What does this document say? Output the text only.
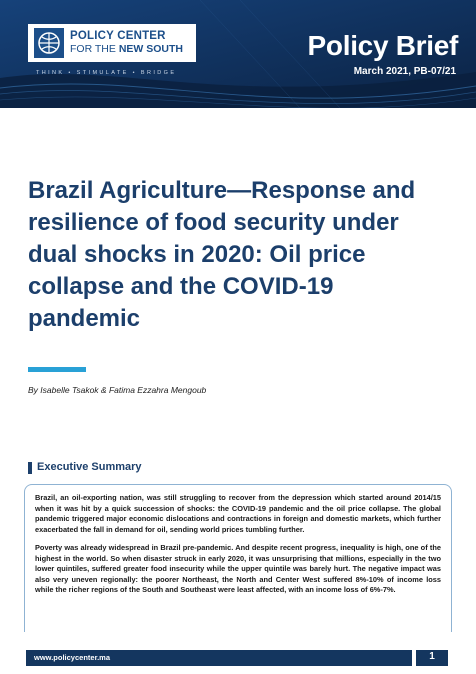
POLICY CENTER
FOR THE NEW SOUTH
THINK • STIMULATE • BRIDGE
Policy Brief
March 2021, PB-07/21
Brazil Agriculture—Response and resilience of food security under dual shocks in 2020: Oil price collapse and the COVID-19 pandemic
By Isabelle Tsakok & Fatima Ezzahra Mengoub
Executive Summary

Brazil, an oil-exporting nation, was still struggling to recover from the depression which started around 2014/15 when it was hit by a quick succession of shocks: the COVID-19 pandemic and the oil price collapse. The global pandemic triggered major economic dislocations and contractions in foreign and domestic markets, which further exacerbated the fall in demand for oil, sending world prices tumbling further.

Poverty was already widespread in Brazil pre-pandemic. And despite recent progress, inequality is high, one of the highest in the world. So when disaster struck in early 2020, it was unsurprising that millions, especially in the two lower quintiles, suffered greater food insecurity while the upper quintile was barely hurt. The negative impact was also very uneven regionally: the poorer Northeast, the North and Center West suffered 8%-10% of income loss while the richer regions of the South and Southeast were least affected, with an income loss of 6%-7%.

www.policycenter.ma	1
